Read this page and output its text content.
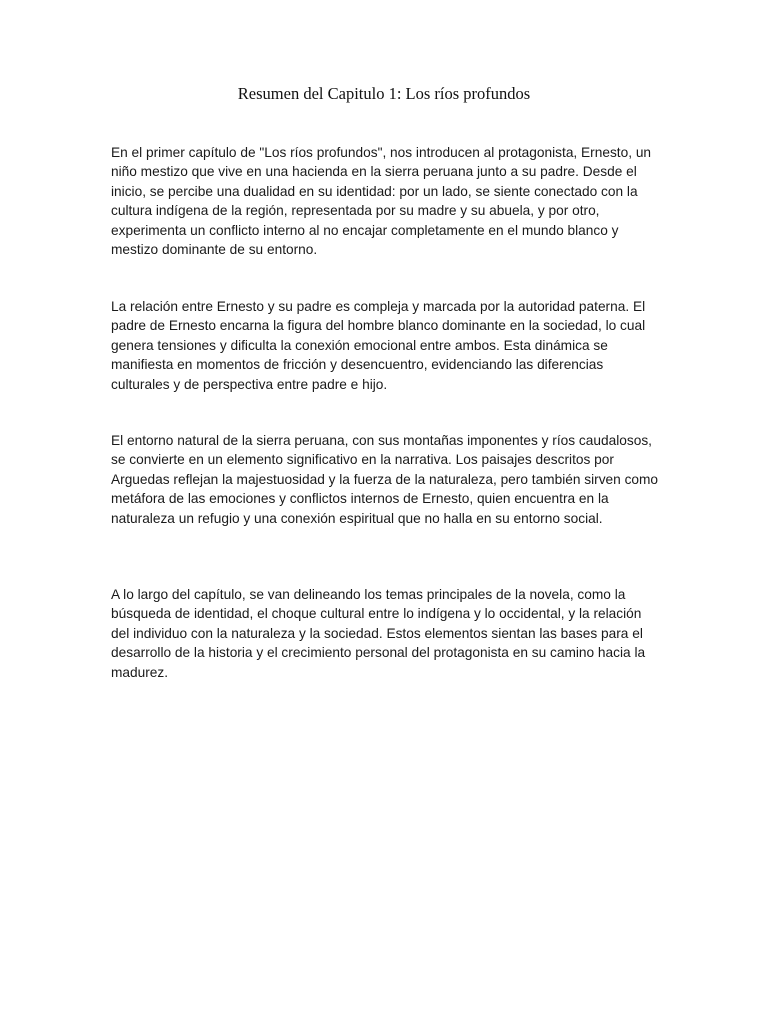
Resumen del Capitulo 1: Los ríos profundos

En el primer capítulo de "Los ríos profundos", nos introducen al protagonista, Ernesto, un niño mestizo que vive en una hacienda en la sierra peruana junto a su padre. Desde el inicio, se percibe una dualidad en su identidad: por un lado, se siente conectado con la cultura indígena de la región, representada por su madre y su abuela, y por otro, experimenta un conflicto interno al no encajar completamente en el mundo blanco y mestizo dominante de su entorno.

La relación entre Ernesto y su padre es compleja y marcada por la autoridad paterna. El padre de Ernesto encarna la figura del hombre blanco dominante en la sociedad, lo cual genera tensiones y dificulta la conexión emocional entre ambos. Esta dinámica se manifiesta en momentos de fricción y desencuentro, evidenciando las diferencias culturales y de perspectiva entre padre e hijo.

El entorno natural de la sierra peruana, con sus montañas imponentes y ríos caudalosos, se convierte en un elemento significativo en la narrativa. Los paisajes descritos por Arguedas reflejan la majestuosidad y la fuerza de la naturaleza, pero también sirven como metáfora de las emociones y conflictos internos de Ernesto, quien encuentra en la naturaleza un refugio y una conexión espiritual que no halla en su entorno social.

A lo largo del capítulo, se van delineando los temas principales de la novela, como la búsqueda de identidad, el choque cultural entre lo indígena y lo occidental, y la relación del individuo con la naturaleza y la sociedad. Estos elementos sientan las bases para el desarrollo de la historia y el crecimiento personal del protagonista en su camino hacia la madurez.
